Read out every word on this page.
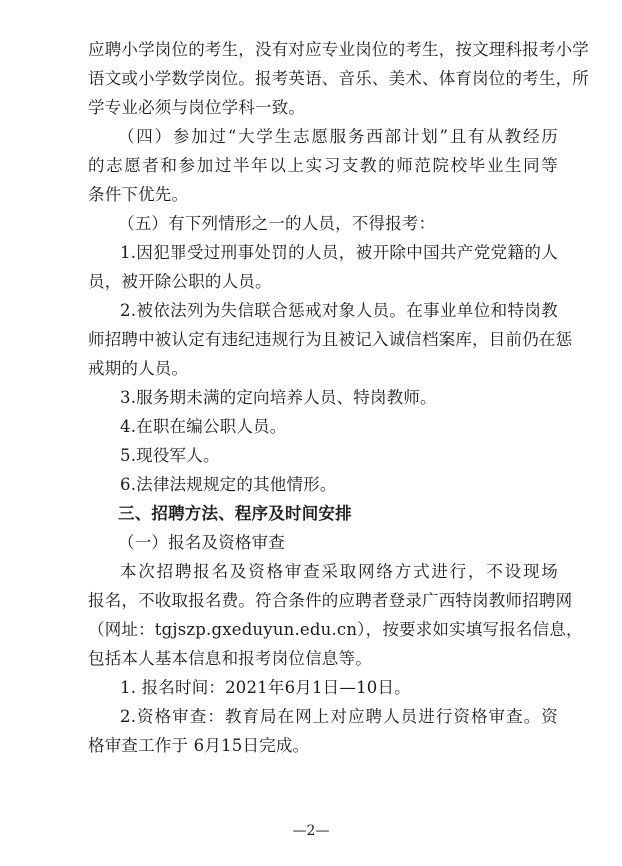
应聘小学岗位的考生，没有对应专业岗位的考生，按文理科报考小学
语文或小学数学岗位。报考英语、音乐、美术、体育岗位的考生，所
学专业必须与岗位学科一致。
（四）参加过“大学生志愿服务西部计划”且有从教经历
的志愿者和参加过半年以上实习支教的师范院校毕业生同等
条件下优先。
（五）有下列情形之一的人员，不得报考：
1.因犯罪受过刑事处罚的人员，被开除中国共产党党籍的人
员，被开除公职的人员。
2.被依法列为失信联合惩戒对象人员。在事业单位和特岗教
师招聘中被认定有违纪违规行为且被记入诚信档案库，目前仍在惩
戒期的人员。
3.服务期未满的定向培养人员、特岗教师。
4.在职在编公职人员。
5.现役军人。
6.法律法规规定的其他情形。
三、招聘方法、程序及时间安排
（一）报名及资格审查
本次招聘报名及资格审查采取网络方式进行，不设现场
报名，不收取报名费。符合条件的应聘者登录广西特岗教师招聘网
（网址：tgjszp.gxeduyun.edu.cn），按要求如实填写报名信息，
包括本人基本信息和报考岗位信息等。
1. 报名时间：2021年6月1日—10日。
2.资格审查：教育局在网上对应聘人员进行资格审查。资
格审查工作于 6月15日完成。
—2—
